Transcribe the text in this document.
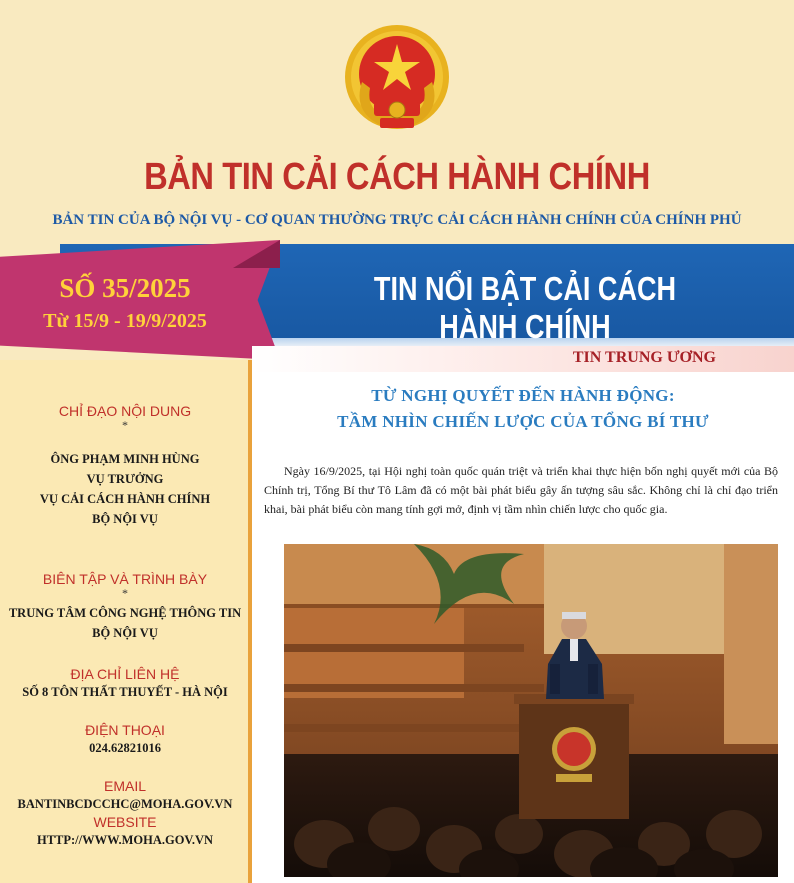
BẢN TIN CẢI CÁCH HÀNH CHÍNH
BẢN TIN CỦA BỘ NỘI VỤ - CƠ QUAN THƯỜNG TRỰC CẢI CÁCH HÀNH CHÍNH CỦA CHÍNH PHỦ
SỐ 35/2025
Từ 15/9 - 19/9/2025
TIN NỔI BẬT CẢI CÁCH HÀNH CHÍNH
CHỈ ĐẠO NỘI DUNG
*
ÔNG PHẠM MINH HÙNG
VỤ TRƯỞNG
VỤ CẢI CÁCH HÀNH CHÍNH
BỘ NỘI VỤ
BIÊN TẬP VÀ TRÌNH BÀY
*
TRUNG TÂM CÔNG NGHỆ THÔNG TIN
BỘ NỘI VỤ
ĐỊA CHỈ LIÊN HỆ
SỐ 8 TÔN THẤT THUYẾT - HÀ NỘI
ĐIỆN THOẠI
024.62821016
EMAIL
BANTINBCDCCHC@MOHA.GOV.VN
WEBSITE
HTTP://WWW.MOHA.GOV.VN
TIN TRUNG ƯƠNG
TỪ NGHỊ QUYẾT ĐẾN HÀNH ĐỘNG:
TẦM NHÌN CHIẾN LƯỢC CỦA TỔNG BÍ THƯ

Ngày 16/9/2025, tại Hội nghị toàn quốc quán triệt và triển khai thực hiện bốn nghị quyết mới của Bộ Chính trị, Tổng Bí thư Tô Lâm đã có một bài phát biểu gây ấn tượng sâu sắc. Không chỉ là chỉ đạo triển khai, bài phát biểu còn mang tính gợi mở, định vị tầm nhìn chiến lược cho quốc gia.
